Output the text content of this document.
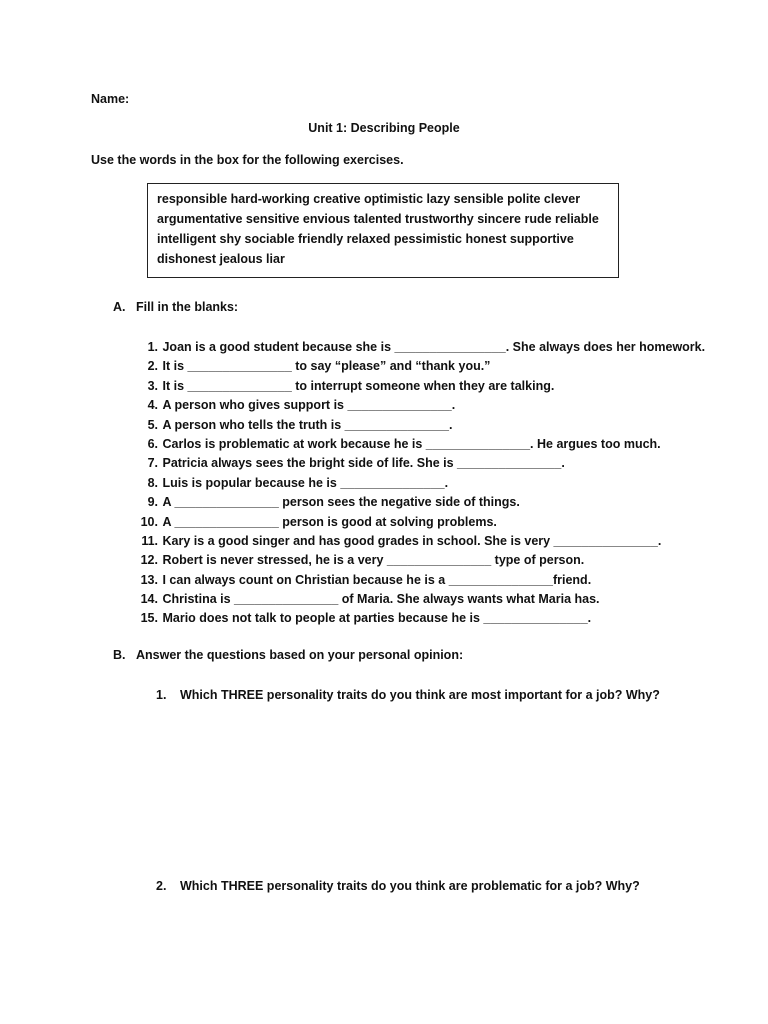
Name:
Unit 1: Describing People
Use the words in the box for the following exercises.
responsible hard-working creative optimistic lazy sensible polite clever
argumentative sensitive envious talented trustworthy sincere rude reliable
intelligent shy sociable friendly relaxed pessimistic honest supportive
dishonest jealous liar
A. Fill in the blanks:
1. Joan is a good student because she is ________________. She always does her homework.
2. It is _______________ to say “please” and “thank you.”
3. It is _______________ to interrupt someone when they are talking.
4. A person who gives support is _______________.
5. A person who tells the truth is _______________.
6. Carlos is problematic at work because he is _______________. He argues too much.
7. Patricia always sees the bright side of life. She is _______________.
8. Luis is popular because he is _______________.
9. A _______________ person sees the negative side of things.
10. A _______________ person is good at solving problems.
11. Kary is a good singer and has good grades in school. She is very _______________.
12. Robert is never stressed, he is a very _______________ type of person.
13. I can always count on Christian because he is a _______________friend.
14. Christina is _______________ of Maria. She always wants what Maria has.
15. Mario does not talk to people at parties because he is _______________.
B. Answer the questions based on your personal opinion:
1. Which THREE personality traits do you think are most important for a job? Why?
2. Which THREE personality traits do you think are problematic for a job? Why?
